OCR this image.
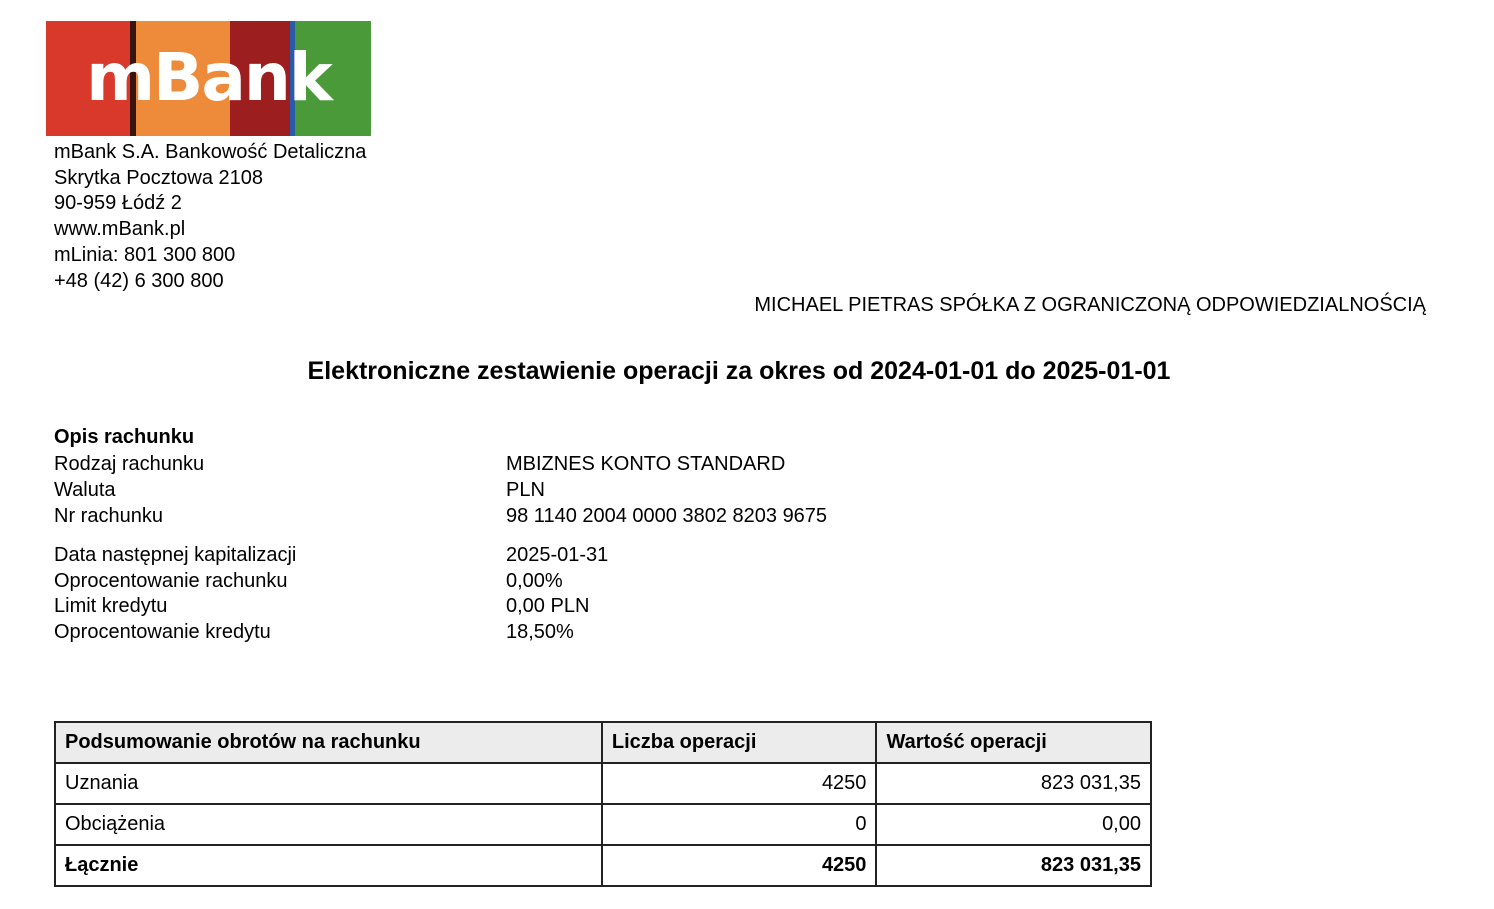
mBank
mBank S.A. Bankowość Detaliczna
Skrytka Pocztowa 2108
90-959 Łódź 2
www.mBank.pl
mLinia: 801 300 800
+48 (42) 6 300 800
MICHAEL PIETRAS SPÓŁKA Z OGRANICZONĄ ODPOWIEDZIALNOŚCIĄ
Elektroniczne zestawienie operacji za okres od 2024-01-01 do 2025-01-01
Opis rachunku
Rodzaj rachunku	MBIZNES KONTO STANDARD
Waluta	PLN
Nr rachunku	98 1140 2004 0000 3802 8203 9675
Data następnej kapitalizacji	2025-01-31
Oprocentowanie rachunku	0,00%
Limit kredytu	0,00 PLN
Oprocentowanie kredytu	18,50%
Podsumowanie obrotów na rachunku	Liczba operacji	Wartość operacji
Uznania	4250	823 031,35
Obciążenia	0	0,00
Łącznie	4250	823 031,35
